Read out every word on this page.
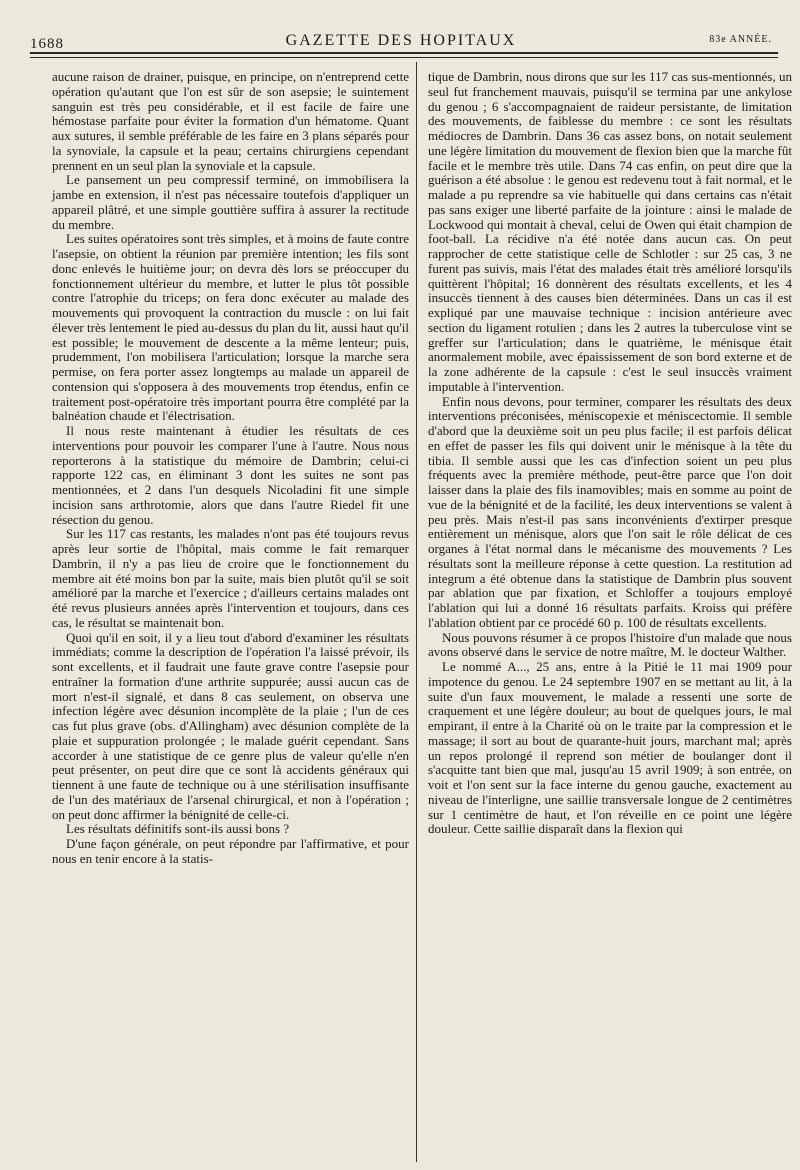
1688	GAZETTE DES HOPITAUX	83e ANNÉE.

aucune raison de drainer, puisque, en principe, on n'entreprend cette opération qu'autant que l'on est sûr de son asepsie; le suintement sanguin est très peu considérable, et il est facile de faire une hémostase parfaite pour éviter la formation d'un hématome. Quant aux sutures, il semble préférable de les faire en 3 plans séparés pour la synoviale, la capsule et la peau; certains chirurgiens cependant prennent en un seul plan la synoviale et la capsule.

Le pansement un peu compressif terminé, on immobilisera la jambe en extension, il n'est pas nécessaire toutefois d'appliquer un appareil plâtré, et une simple gouttière suffira à assurer la rectitude du membre.

Les suites opératoires sont très simples, et à moins de faute contre l'asepsie, on obtient la réunion par première intention; les fils sont donc enlevés le huitième jour; on devra dès lors se préoccuper du fonctionnement ultérieur du membre, et lutter le plus tôt possible contre l'atrophie du triceps; on fera donc exécuter au malade des mouvements qui provoquent la contraction du muscle : on lui fait élever très lentement le pied au-dessus du plan du lit, aussi haut qu'il est possible; le mouvement de descente a la même lenteur; puis, prudemment, l'on mobilisera l'articulation; lorsque la marche sera permise, on fera porter assez longtemps au malade un appareil de contension qui s'opposera à des mouvements trop étendus, enfin ce traitement post-opératoire très important pourra être complété par la balnéation chaude et l'électrisation.

Il nous reste maintenant à étudier les résultats de ces interventions pour pouvoir les comparer l'une à l'autre. Nous nous reporterons à la statistique du mémoire de Dambrin; celui-ci rapporte 122 cas, en éliminant 3 dont les suites ne sont pas mentionnées, et 2 dans l'un desquels Nicoladini fit une simple incision sans arthrotomie, alors que dans l'autre Riedel fit une résection du genou.

Sur les 117 cas restants, les malades n'ont pas été toujours revus après leur sortie de l'hôpital, mais comme le fait remarquer Dambrin, il n'y a pas lieu de croire que le fonctionnement du membre ait été moins bon par la suite, mais bien plutôt qu'il se soit amélioré par la marche et l'exercice ; d'ailleurs certains malades ont été revus plusieurs années après l'intervention et toujours, dans ces cas, le résultat se maintenait bon.

Quoi qu'il en soit, il y a lieu tout d'abord d'examiner les résultats immédiats; comme la description de l'opération l'a laissé prévoir, ils sont excellents, et il faudrait une faute grave contre l'asepsie pour entraîner la formation d'une arthrite suppurée; aussi aucun cas de mort n'est-il signalé, et dans 8 cas seulement, on observa une infection légère avec désunion incomplète de la plaie ; l'un de ces cas fut plus grave (obs. d'Allingham) avec désunion complète de la plaie et suppuration prolongée ; le malade guérit cependant. Sans accorder à une statistique de ce genre plus de valeur qu'elle n'en peut présenter, on peut dire que ce sont là accidents généraux qui tiennent à une faute de technique ou à une stérilisation insuffisante de l'un des matériaux de l'arsenal chirurgical, et non à l'opération ; on peut donc affirmer la bénignité de celle-ci.

Les résultats définitifs sont-ils aussi bons ?

D'une façon générale, on peut répondre par l'affirmative, et pour nous en tenir encore à la statis-

tique de Dambrin, nous dirons que sur les 117 cas sus-mentionnés, un seul fut franchement mauvais, puisqu'il se termina par une ankylose du genou ; 6 s'accompagnaient de raideur persistante, de limitation des mouvements, de faiblesse du membre : ce sont les résultats médiocres de Dambrin. Dans 36 cas assez bons, on notait seulement une légère limitation du mouvement de flexion bien que la marche fût facile et le membre très utile. Dans 74 cas enfin, on peut dire que la guérison a été absolue : le genou est redevenu tout à fait normal, et le malade a pu reprendre sa vie habituelle qui dans certains cas n'était pas sans exiger une liberté parfaite de la jointure : ainsi le malade de Lockwood qui montait à cheval, celui de Owen qui était champion de foot-ball. La récidive n'a été notée dans aucun cas. On peut rapprocher de cette statistique celle de Schlotler : sur 25 cas, 3 ne furent pas suivis, mais l'état des malades était très amélioré lorsqu'ils quittèrent l'hôpital; 16 donnèrent des résultats excellents, et les 4 insuccès tiennent à des causes bien déterminées. Dans un cas il est expliqué par une mauvaise technique : incision antérieure avec section du ligament rotulien ; dans les 2 autres la tuberculose vint se greffer sur l'articulation; dans le quatrième, le ménisque était anormalement mobile, avec épaississement de son bord externe et de la zone adhérente de la capsule : c'est le seul insuccès vraiment imputable à l'intervention.

Enfin nous devons, pour terminer, comparer les résultats des deux interventions préconisées, méniscopexie et méniscectomie. Il semble d'abord que la deuxième soit un peu plus facile; il est parfois délicat en effet de passer les fils qui doivent unir le ménisque à la tête du tibia. Il semble aussi que les cas d'infection soient un peu plus fréquents avec la première méthode, peut-être parce que l'on doit laisser dans la plaie des fils inamovibles; mais en somme au point de vue de la bénignité et de la facilité, les deux interventions se valent à peu près. Mais n'est-il pas sans inconvénients d'extirper presque entièrement un ménisque, alors que l'on sait le rôle délicat de ces organes à l'état normal dans le mécanisme des mouvements ? Les résultats sont la meilleure réponse à cette question. La restitution ad integrum a été obtenue dans la statistique de Dambrin plus souvent par ablation que par fixation, et Schloffer a toujours employé l'ablation qui lui a donné 16 résultats parfaits. Kroiss qui préfère l'ablation obtient par ce procédé 60 p. 100 de résultats excellents.

Nous pouvons résumer à ce propos l'histoire d'un malade que nous avons observé dans le service de notre maître, M. le docteur Walther.

Le nommé A..., 25 ans, entre à la Pitié le 11 mai 1909 pour impotence du genou. Le 24 septembre 1907 en se mettant au lit, à la suite d'un faux mouvement, le malade a ressenti une sorte de craquement et une légère douleur; au bout de quelques jours, le mal empirant, il entre à la Charité où on le traite par la compression et le massage; il sort au bout de quarante-huit jours, marchant mal; après un repos prolongé il reprend son métier de boulanger dont il s'acquitte tant bien que mal, jusqu'au 15 avril 1909; à son entrée, on voit et l'on sent sur la face interne du genou gauche, exactement au niveau de l'interligne, une saillie transversale longue de 2 centimètres sur 1 centimètre de haut, et l'on réveille en ce point une légère douleur. Cette saillie disparaît dans la flexion qui
